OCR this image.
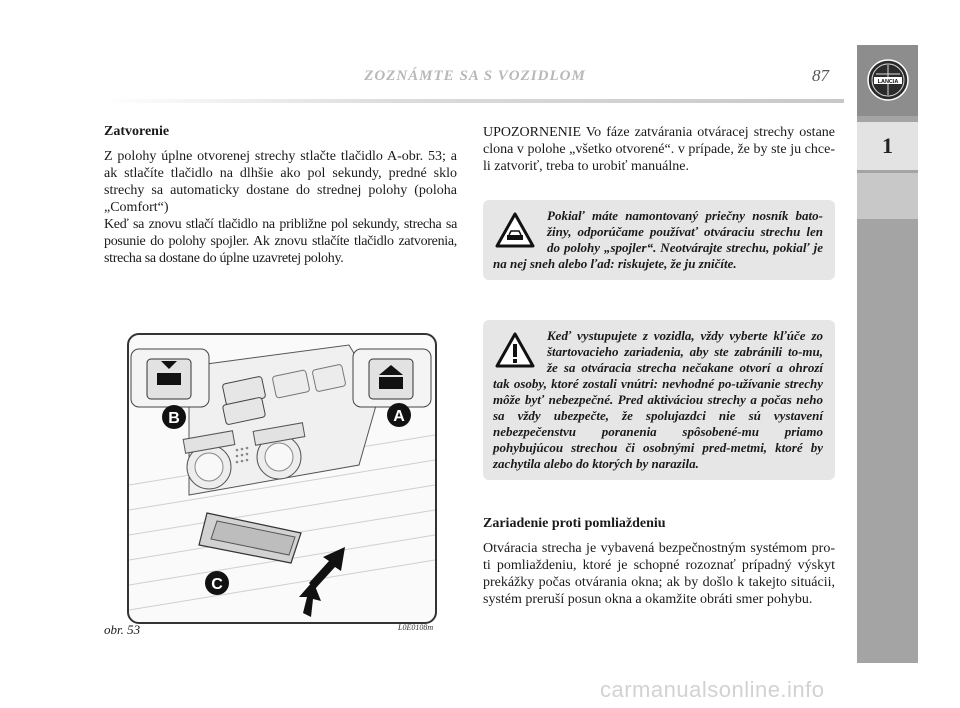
ZOZNÁMTE SA S VOZIDLOM	87	LANCIA
1
Zatvorenie

Z polohy úplne otvorenej strechy stlačte tlačidlo A-obr. 53; a ak stlačíte tlačidlo na dlhšie ako pol sekundy, predné sklo strechy sa automaticky dostane do strednej polohy (poloha „Comfort“)

Keď sa znovu stlačí tlačidlo na približne pol sekundy, strecha sa posunie do polohy spojler. Ak znovu stlačíte tlačidlo zatvorenia, strecha sa dostane do úplne uzavretej polohy.

B	A
C
obr. 53	L0E0108m

UPOZORNENIE Vo fáze zatvárania otváracej strechy ostane clona v polohe „všetko otvorené“. v prípade, že by ste ju chce-li zatvoriť, treba to urobiť manuálne.

Pokiaľ máte namontovaný priečny nosník bato-žiny, odporúčame používať otváraciu strechu len do polohy „spojler“. Neotvárajte strechu, pokiaľ je na nej sneh alebo ľad: riskujete, že ju zničíte.
Keď vystupujete z vozidla, vždy vyberte kľúče zo štartovacieho zariadenia, aby ste zabránili to-mu, že sa otváracia strecha nečakane otvorí a ohrozí tak osoby, ktoré zostali vnútri: nevhodné po-užívanie strechy môže byť nebezpečné. Pred aktiváciou strechy a počas neho sa vždy ubezpečte, že spolujazdci nie sú vystavení nebezpečenstvu poranenia spôsobené-mu priamo pohybujúcou strechou či osobnými pred-metmi, ktoré by zachytila alebo do ktorých by narazila.
Zariadenie proti pomliaždeniu

Otváracia strecha je vybavená bezpečnostným systémom pro-ti pomliaždeniu, ktoré je schopné rozoznať prípadný výskyt prekážky počas otvárania okna; ak by došlo k takejto situácii, systém preruší posun okna a okamžite obráti smer pohybu.

carmanualsonline.info
